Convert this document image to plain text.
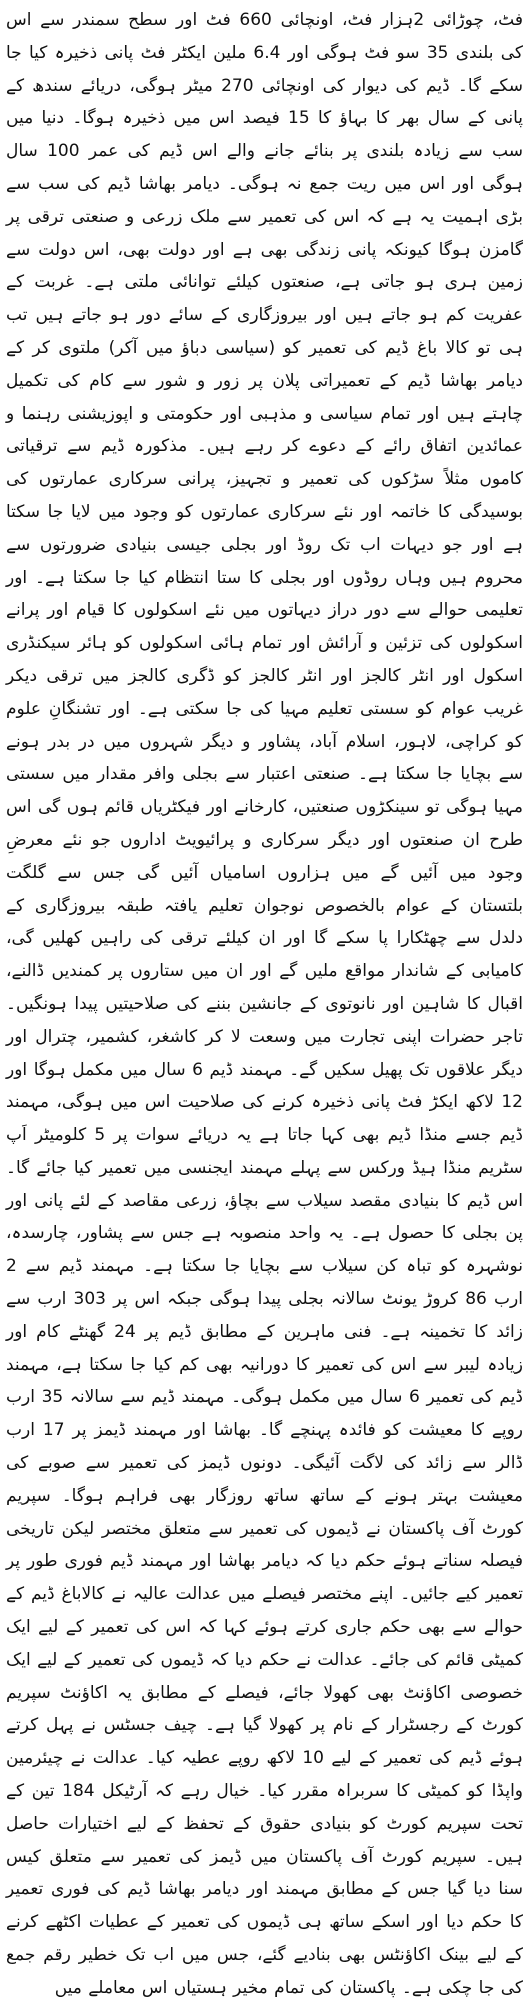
فٹ، چوڑائی 2ہزار فٹ، اونچائی 660 فٹ اور سطح سمندر سے اس کی بلندی 35 سو فٹ ہوگی اور 6.4 ملین ایکٹر فٹ پانی ذخیرہ کیا جا سکے گا۔ ڈیم کی دیوار کی اونچائی 270 میٹر ہوگی، دریائے سندھ کے پانی کے سال بھر کا بہاؤ کا 15 فیصد اس میں ذخیرہ ہوگا۔ دنیا میں سب سے زیادہ بلندی پر بنائے جانے والے اس ڈیم کی عمر 100 سال ہوگی اور اس میں ریت جمع نہ ہوگی۔ دیامر بھاشا ڈیم کی سب سے بڑی اہمیت یہ ہے کہ اس کی تعمیر سے ملک زرعی و صنعتی ترقی پر گامزن ہوگا کیونکہ پانی زندگی بھی ہے اور دولت بھی، اس دولت سے زمین ہری ہو جاتی ہے، صنعتوں کیلئے توانائی ملتی ہے۔ غربت کے عفریت کم ہو جاتے ہیں اور بیروزگاری کے سائے دور ہو جاتے ہیں تب ہی تو کالا باغ ڈیم کی تعمیر کو (سیاسی دباؤ میں آکر) ملتوی کر کے دیامر بھاشا ڈیم کے تعمیراتی پلان پر زور و شور سے کام کی تکمیل چاہتے ہیں اور تمام سیاسی و مذہبی اور حکومتی و اپوزیشنی رہنما و عمائدین اتفاق رائے کے دعوے کر رہے ہیں۔ مذکورہ ڈیم سے ترقیاتی کاموں مثلاً سڑکوں کی تعمیر و تجہیز، پرانی سرکاری عمارتوں کی بوسیدگی کا خاتمہ اور نئے سرکاری عمارتوں کو وجود میں لایا جا سکتا ہے اور جو دیہات اب تک روڈ اور بجلی جیسی بنیادی ضرورتوں سے محروم ہیں وہاں روڈوں اور بجلی کا ستا انتظام کیا جا سکتا ہے۔ اور تعلیمی حوالے سے دور دراز دیہاتوں میں نئے اسکولوں کا قیام اور پرانے اسکولوں کی تزئین و آرائش اور تمام ہائی اسکولوں کو ہائر سیکنڈری اسکول اور انٹر کالجز اور انٹر کالجز کو ڈگری کالجز میں ترقی دیکر غریب عوام کو سستی تعلیم مہیا کی جا سکتی ہے۔ اور تشنگانِ علوم کو کراچی، لاہور، اسلام آباد، پشاور و دیگر شہروں میں در بدر ہونے سے بچایا جا سکتا ہے۔ صنعتی اعتبار سے بجلی وافر مقدار میں سستی مہیا ہوگی تو سینکڑوں صنعتیں، کارخانے اور فیکٹریاں قائم ہوں گی اس طرح ان صنعتوں اور دیگر سرکاری و پرائیویٹ اداروں جو نئے معرضِ وجود میں آئیں گے میں ہزاروں اسامیاں آئیں گی جس سے گلگت بلتستان کے عوام بالخصوص نوجوان تعلیم یافتہ طبقہ بیروزگاری کے دلدل سے چھٹکارا پا سکے گا اور ان کیلئے ترقی کی راہیں کھلیں گی، کامیابی کے شاندار مواقع ملیں گے اور ان میں ستاروں پر کمندیں ڈالنے، اقبال کا شاہین اور نانوتوی کے جانشین بننے کی صلاحیتیں پیدا ہونگیں۔ تاجر حضرات اپنی تجارت میں وسعت لا کر کاشغر، کشمیر، چترال اور دیگر علاقوں تک پھیل سکیں گے۔ مہمند ڈیم 6 سال میں مکمل ہوگا اور 12 لاکھ ایکڑ فٹ پانی ذخیرہ کرنے کی صلاحیت اس میں ہوگی، مہمند ڈیم جسے منڈا ڈیم بھی کہا جاتا ہے یہ دریائے سوات پر 5 کلومیٹر اَپ سٹریم منڈا ہیڈ ورکس سے پہلے مہمند ایجنسی میں تعمیر کیا جائے گا۔ اس ڈیم کا بنیادی مقصد سیلاب سے بچاؤ، زرعی مقاصد کے لئے پانی اور پن بجلی کا حصول ہے۔ یہ واحد منصوبہ ہے جس سے پشاور، چارسدہ، نوشہرہ کو تباہ کن سیلاب سے بچایا جا سکتا ہے۔ مہمند ڈیم سے 2 ارب 86 کروڑ یونٹ سالانہ بجلی پیدا ہوگی جبکہ اس پر 303 ارب سے زائد کا تخمینہ ہے۔ فنی ماہرین کے مطابق ڈیم پر 24 گھنٹے کام اور زیادہ لیبر سے اس کی تعمیر کا دورانیہ بھی کم کیا جا سکتا ہے، مہمند ڈیم کی تعمیر 6 سال میں مکمل ہوگی۔ مہمند ڈیم سے سالانہ 35 ارب روپے کا معیشت کو فائدہ پہنچے گا۔ بھاشا اور مہمند ڈیمز پر 17 ارب ڈالر سے زائد کی لاگت آئیگی۔ دونوں ڈیمز کی تعمیر سے صوبے کی معیشت بہتر ہونے کے ساتھ ساتھ روزگار بھی فراہم ہوگا۔ سپریم کورٹ آف پاکستان نے ڈیموں کی تعمیر سے متعلق مختصر لیکن تاریخی فیصلہ سناتے ہوئے حکم دیا کہ دیامر بھاشا اور مہمند ڈیم فوری طور پر تعمیر کیے جائیں۔ اپنے مختصر فیصلے میں عدالت عالیہ نے کالاباغ ڈیم کے حوالے سے بھی حکم جاری کرتے ہوئے کہا کہ اس کی تعمیر کے لیے ایک کمیٹی قائم کی جائے۔ عدالت نے حکم دیا کہ ڈیموں کی تعمیر کے لیے ایک خصوصی اکاؤنٹ بھی کھولا جائے، فیصلے کے مطابق یہ اکاؤنٹ سپریم کورٹ کے رجسٹرار کے نام پر کھولا گیا ہے۔ چیف جسٹس نے پہل کرتے ہوئے ڈیم کی تعمیر کے لیے 10 لاکھ روپے عطیہ کیا۔ عدالت نے چیئرمین واپڈا کو کمیٹی کا سربراہ مقرر کیا۔ خیال رہے کہ آرٹیکل 184 تین کے تحت سپریم کورٹ کو بنیادی حقوق کے تحفظ کے لیے اختیارات حاصل ہیں۔ سپریم کورٹ آف پاکستان میں ڈیمز کی تعمیر سے متعلق کیس سنا دیا گیا جس کے مطابق مہمند اور دیامر بھاشا ڈیم کی فوری تعمیر کا حکم دیا اور اسکے ساتھ ہی ڈیموں کی تعمیر کے عطیات اکٹھے کرنے کے لیے بینک اکاؤنٹس بھی بنادیے گئے، جس میں اب تک خطیر رقم جمع کی جا چکی ہے۔ پاکستان کی تمام مخیر ہستیاں اس معاملے میں
